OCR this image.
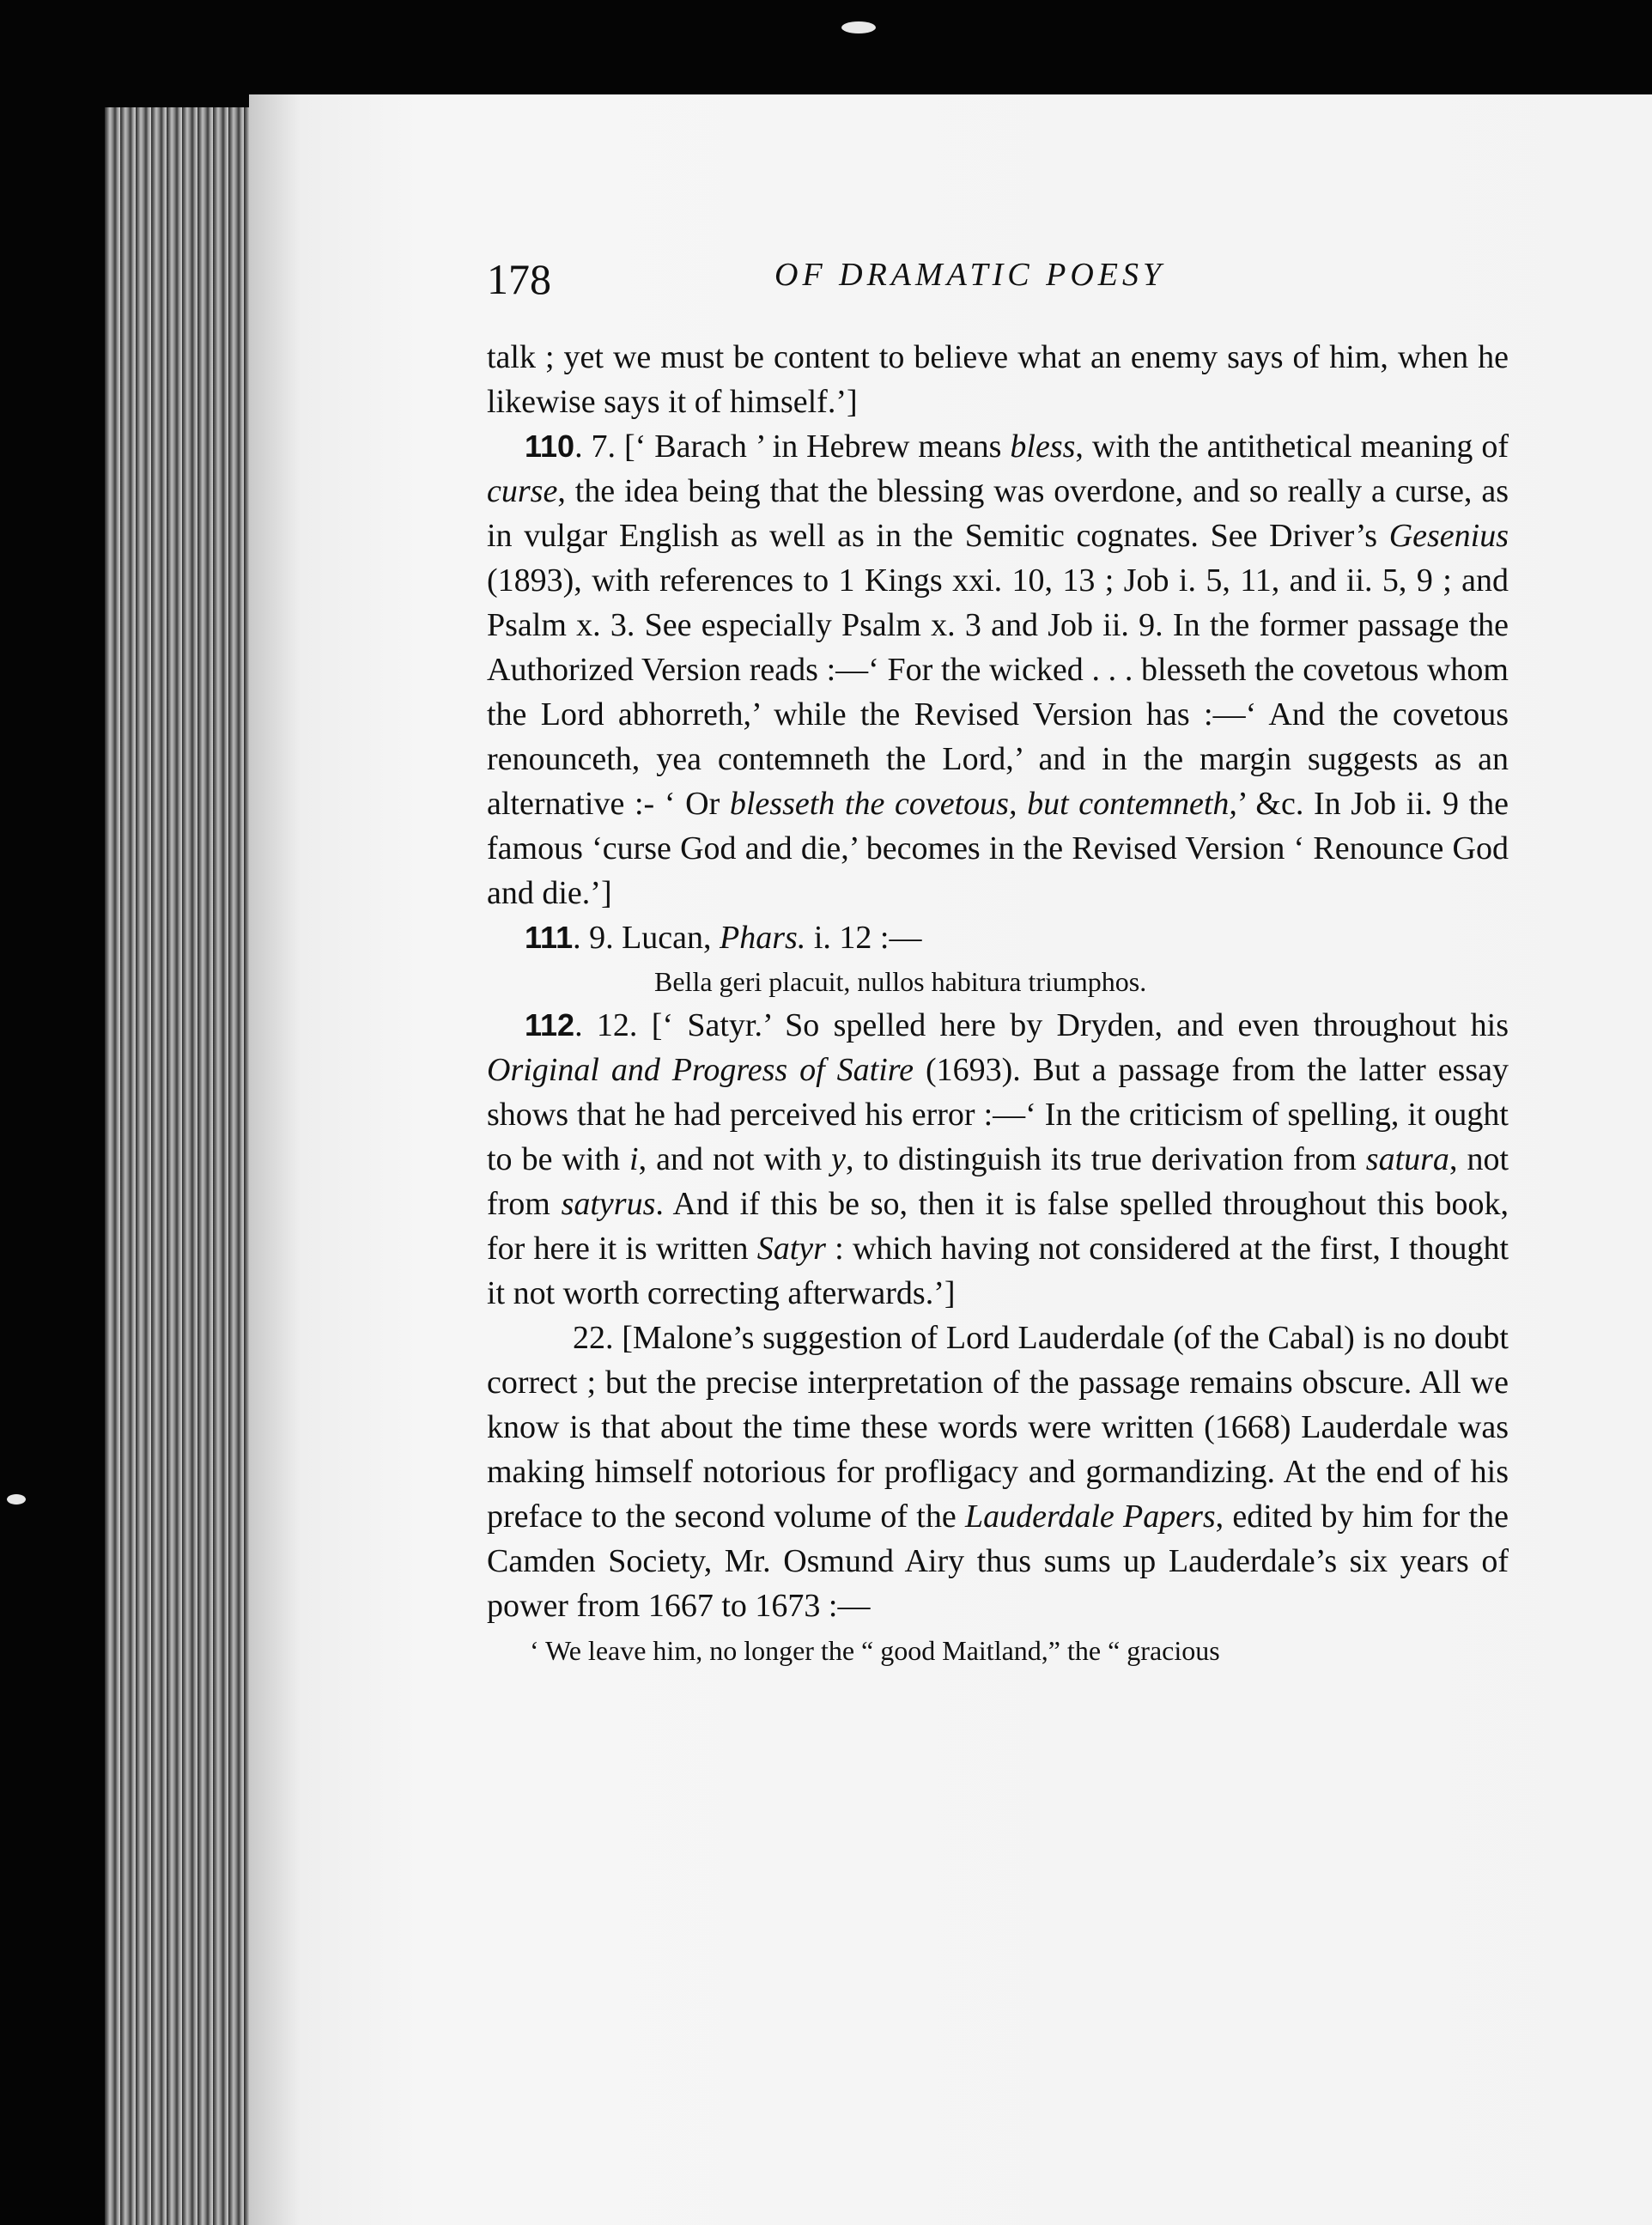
178	OF DRAMATIC POESY

talk ; yet we must be content to believe what an enemy says of him, when he likewise says it of himself.’]

110. 7. [‘ Barach ’ in Hebrew means bless, with the antithetical meaning of curse, the idea being that the blessing was overdone, and so really a curse, as in vulgar English as well as in the Semitic cognates. See Driver’s Gesenius (1893), with references to 1 Kings xxi. 10, 13 ; Job i. 5, 11, and ii. 5, 9 ; and Psalm x. 3. See especially Psalm x. 3 and Job ii. 9. In the former passage the Authorized Version reads :—‘ For the wicked . . . blesseth the covetous whom the Lord abhorreth,’ while the Revised Version has :—‘ And the covetous renounceth, yea contemneth the Lord,’ and in the margin suggests as an alternative :- ‘ Or blesseth the covetous, but contemneth,’ &c. In Job ii. 9 the famous ‘curse God and die,’ becomes in the Revised Version ‘ Renounce God and die.’]

111. 9. Lucan, Phars. i. 12 :—

Bella geri placuit, nullos habitura triumphos.

112. 12. [‘ Satyr.’ So spelled here by Dryden, and even throughout his Original and Progress of Satire (1693). But a passage from the latter essay shows that he had perceived his error :—‘ In the criticism of spelling, it ought to be with i, and not with y, to distinguish its true derivation from satura, not from satyrus. And if this be so, then it is false spelled throughout this book, for here it is written Satyr : which having not considered at the first, I thought it not worth correcting afterwards.’]

22. [Malone’s suggestion of Lord Lauderdale (of the Cabal) is no doubt correct ; but the precise interpretation of the passage remains obscure. All we know is that about the time these words were written (1668) Lauderdale was making himself notorious for profligacy and gormandizing. At the end of his preface to the second volume of the Lauderdale Papers, edited by him for the Camden Society, Mr. Osmund Airy thus sums up Lauderdale’s six years of power from 1667 to 1673 :—

‘ We leave him, no longer the “ good Maitland,” the “ gracious
